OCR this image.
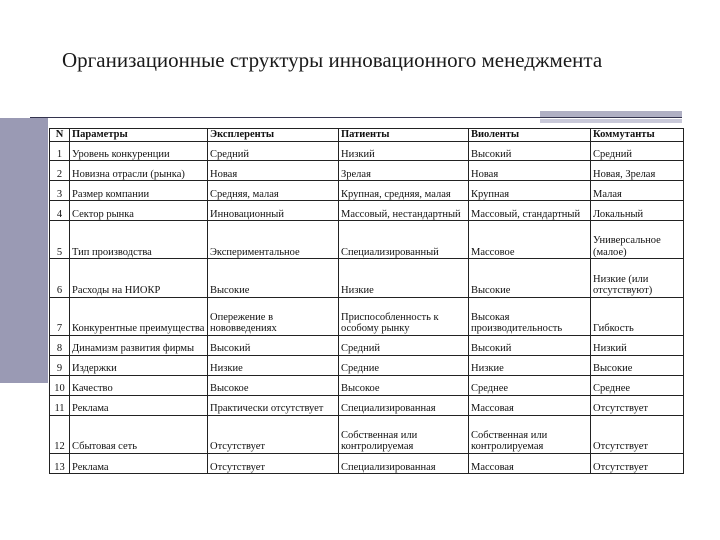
Организационные структуры инновационного менеджмента
N	Параметры	Эксплеренты	Патиенты	Виоленты	Коммутанты
1	Уровень конкуренции	Средний	Низкий	Высокий	Средний
2	Новизна отрасли (рынка)	Новая	Зрелая	Новая	Новая, Зрелая
3	Размер компании	Средняя, малая	Крупная, средняя, малая	Крупная	Малая
4	Сектор рынка	Инновационный	Массовый, нестандартный	Массовый, стандартный	Локальный
5	Тип производства	Экспериментальное	Специализированный	Массовое	Универсальное (малое)
6	Расходы на НИОКР	Высокие	Низкие	Высокие	Низкие (или отсутствуют)
7	Конкурентные преимущества	Опережение в нововведениях	Приспособленность к особому рынку	Высокая производительность	Гибкость
8	Динамизм развития фирмы	Высокий	Средний	Высокий	Низкий
9	Издержки	Низкие	Средние	Низкие	Высокие
10	Качество	Высокое	Высокое	Среднее	Среднее
11	Реклама	Практически отсутствует	Специализированная	Массовая	Отсутствует
12	Сбытовая сеть	Отсутствует	Собственная или контролируемая	Собственная или контролируемая	Отсутствует
13	Реклама	Отсутствует	Специализированная	Массовая	Отсутствует
